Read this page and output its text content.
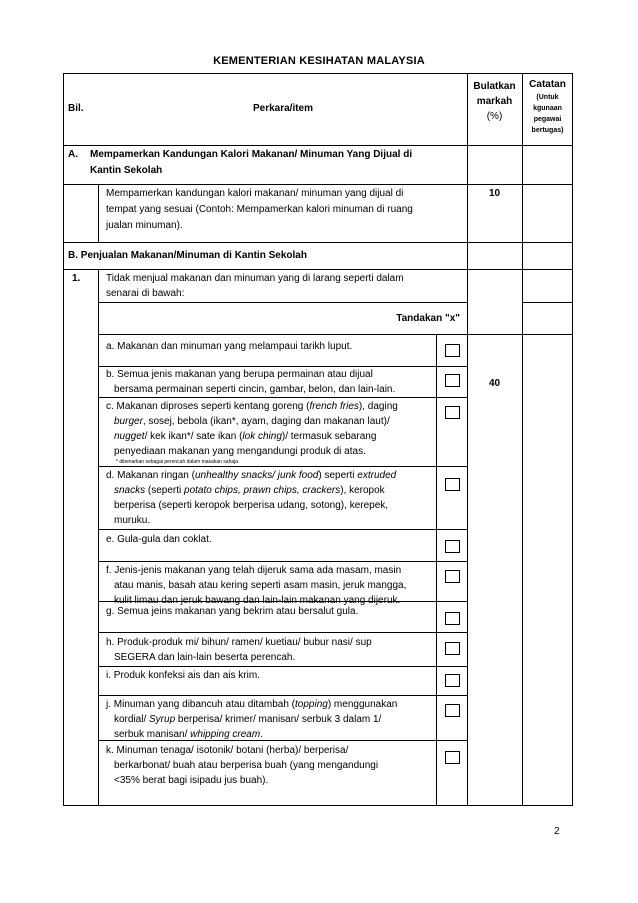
KEMENTERIAN KESIHATAN MALAYSIA
Bil.	Perkara/item
Bulatkan
markah
(%)
Catatan
(Untuk
kgunaan
pegawai
bertugas)
A. Mempamerkan Kandungan Kalori Makanan/ Minuman Yang Dijual di
Kantin Sekolah
Mempamerkan kandungan kalori makanan/ minuman yang dijual di
tempat yang sesuai (Contoh: Mempamerkan kalori minuman di ruang
jualan minuman).
10
B. Penjualan Makanan/Minuman di Kantin Sekolah
1.	Tidak menjual makanan dan minuman yang di larang seperti dalam
senarai di bawah:
Tandakan "x"
40
a. Makanan dan minuman yang melampaui tarikh luput.
b. Semua jenis makanan yang berupa permainan atau dijual
bersama permainan seperti cincin, gambar, belon, dan lain-lain.
c. Makanan diproses seperti kentang goreng (french fries), daging
burger, sosej, bebola (ikan*, ayam, daging dan makanan laut)/
nugget/ kek ikan*/ sate ikan (lok ching)/ termasuk sebarang
penyediaan makanan yang mengandungi produk di atas.
* dibenarkan sebagai perencah dalam masakan sahaja
d. Makanan ringan (unhealthy snacks/ junk food) seperti extruded
snacks (seperti potato chips, prawn chips, crackers), keropok
berperisa (seperti keropok berperisa udang, sotong), kerepek,
muruku.
e. Gula-gula dan coklat.
f. Jenis-jenis makanan yang telah dijeruk sama ada masam, masin
atau manis, basah atau kering seperti asam masin, jeruk mangga,
kulit limau dan jeruk bawang dan lain-lain makanan yang dijeruk.
g. Semua jeins makanan yang bekrim atau bersalut gula.
h. Produk-produk mi/ bihun/ ramen/ kuetiau/ bubur nasi/ sup
SEGERA dan lain-lain beserta perencah.
i. Produk konfeksi ais dan ais krim.
j. Minuman yang dibancuh atau ditambah (topping) menggunakan
kordial/ Syrup berperisa/ krimer/ manisan/ serbuk 3 dalam 1/
serbuk manisan/ whipping cream.
k. Minuman tenaga/ isotonik/ botani (herba)/ berperisa/
berkarbonat/ buah atau berperisa buah (yang mengandungi
<35% berat bagi isipadu jus buah).
2
